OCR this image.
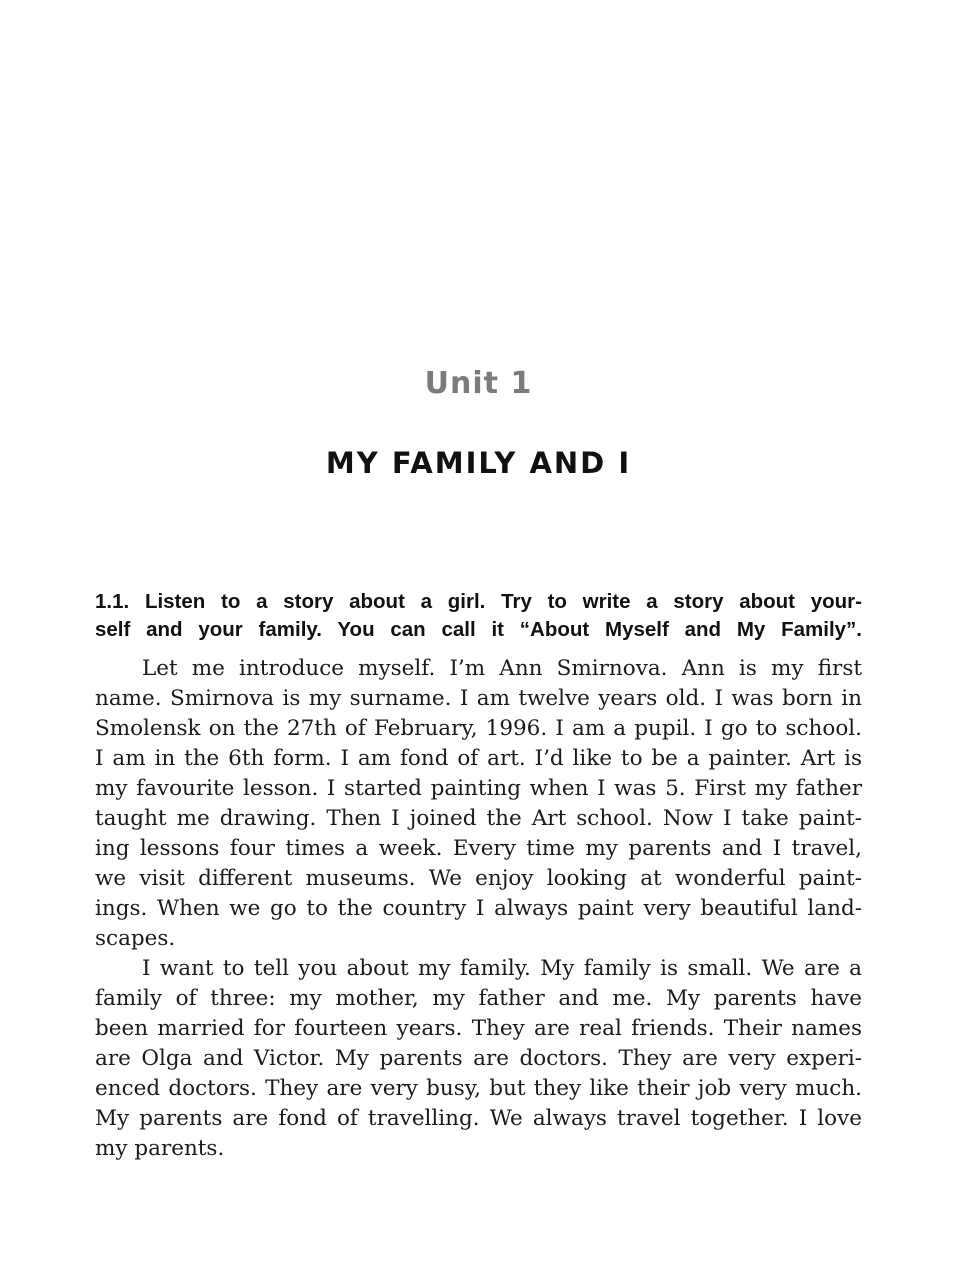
Unit 1
MY FAMILY AND I
1.1. Listen to a story about a girl. Try to write a story about your-
self and your family. You can call it “About Myself and My Family”.
Let me introduce myself. I’m Ann Smirnova. Ann is my first
name. Smirnova is my surname. I am twelve years old. I was born in
Smolensk on the 27th of February, 1996. I am a pupil. I go to school.
I am in the 6th form. I am fond of art. I’d like to be a painter. Art is
my favourite lesson. I started painting when I was 5. First my father
taught me drawing. Then I joined the Art school. Now I take paint-
ing lessons four times a week. Every time my parents and I travel,
we visit different museums. We enjoy looking at wonderful paint-
ings. When we go to the country I always paint very beautiful land-
scapes.
I want to tell you about my family. My family is small. We are a
family of three: my mother, my father and me. My parents have
been married for fourteen years. They are real friends. Their names
are Olga and Victor. My parents are doctors. They are very experi-
enced doctors. They are very busy, but they like their job very much.
My parents are fond of travelling. We always travel together. I love
my parents.
